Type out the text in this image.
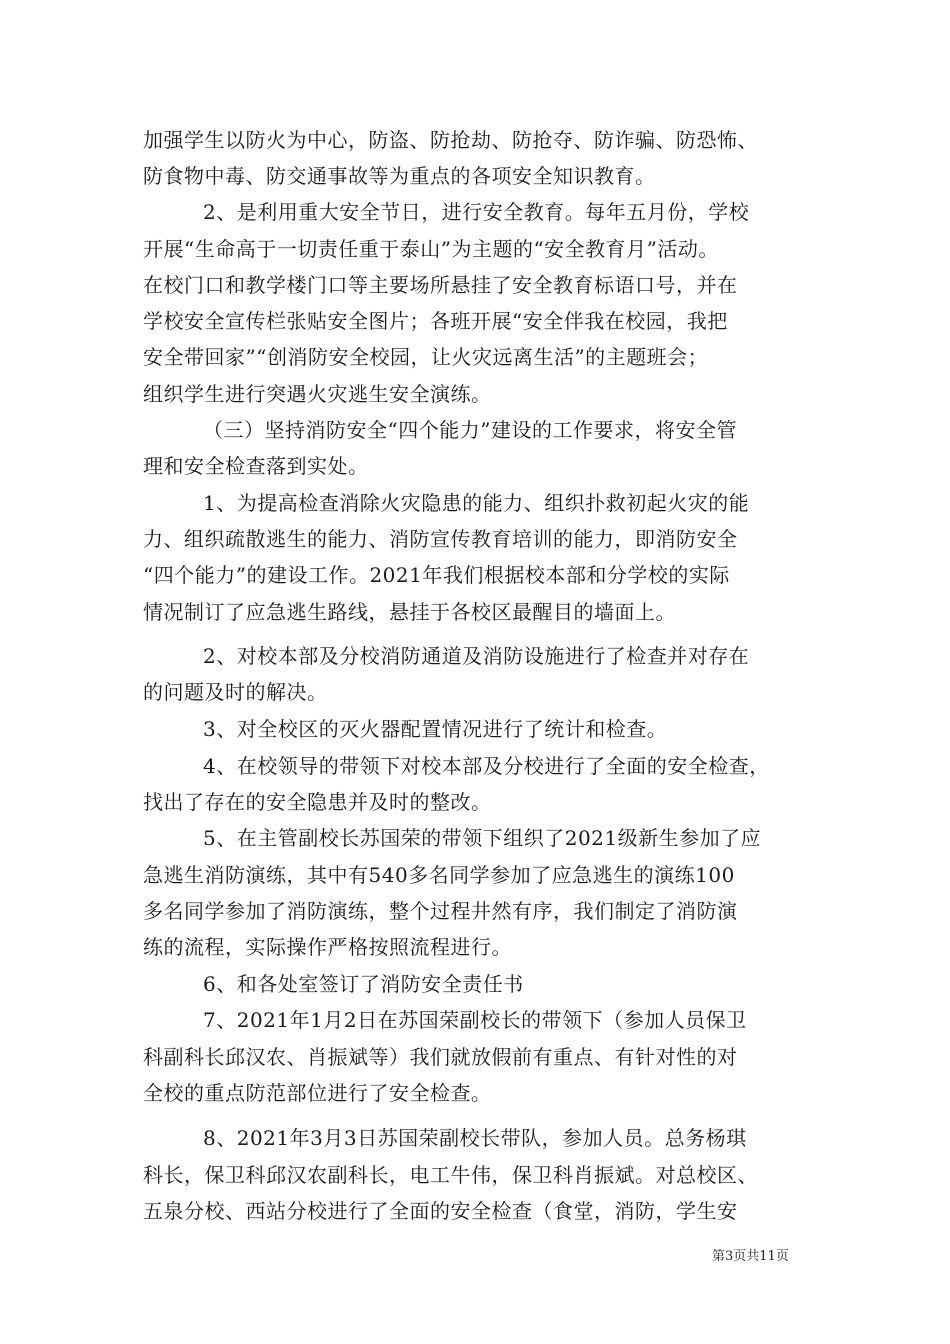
加强学生以防火为中心，防盗、防抢劫、防抢夺、防诈骗、防恐怖、
防食物中毒、防交通事故等为重点的各项安全知识教育。
2、是利用重大安全节日，进行安全教育。每年五月份，学校
开展“生命高于一切责任重于泰山”为主题的“安全教育月”活动。
在校门口和教学楼门口等主要场所悬挂了安全教育标语口号，并在
学校安全宣传栏张贴安全图片；各班开展“安全伴我在校园，我把
安全带回家”“创消防安全校园，让火灾远离生活”的主题班会；
组织学生进行突遇火灾逃生安全演练。
（三）坚持消防安全“四个能力”建设的工作要求，将安全管
理和安全检查落到实处。
1、为提高检查消除火灾隐患的能力、组织扑救初起火灾的能
力、组织疏散逃生的能力、消防宣传教育培训的能力，即消防安全
“四个能力”的建设工作。2021年我们根据校本部和分学校的实际
情况制订了应急逃生路线，悬挂于各校区最醒目的墙面上。
2、对校本部及分校消防通道及消防设施进行了检查并对存在
的问题及时的解决。
3、对全校区的灭火器配置情况进行了统计和检查。
4、在校领导的带领下对校本部及分校进行了全面的安全检查，
找出了存在的安全隐患并及时的整改。
5、在主管副校长苏国荣的带领下组织了2021级新生参加了应
急逃生消防演练，其中有540多名同学参加了应急逃生的演练100
多名同学参加了消防演练，整个过程井然有序，我们制定了消防演
练的流程，实际操作严格按照流程进行。
6、和各处室签订了消防安全责任书
7、2021年1月2日在苏国荣副校长的带领下（参加人员保卫
科副科长邱汉农、肖振斌等）我们就放假前有重点、有针对性的对
全校的重点防范部位进行了安全检查。
8、2021年3月3日苏国荣副校长带队，参加人员。总务杨琪
科长，保卫科邱汉农副科长，电工牛伟，保卫科肖振斌。对总校区、
五泉分校、西站分校进行了全面的安全检查（食堂，消防，学生安
第3页共11页
